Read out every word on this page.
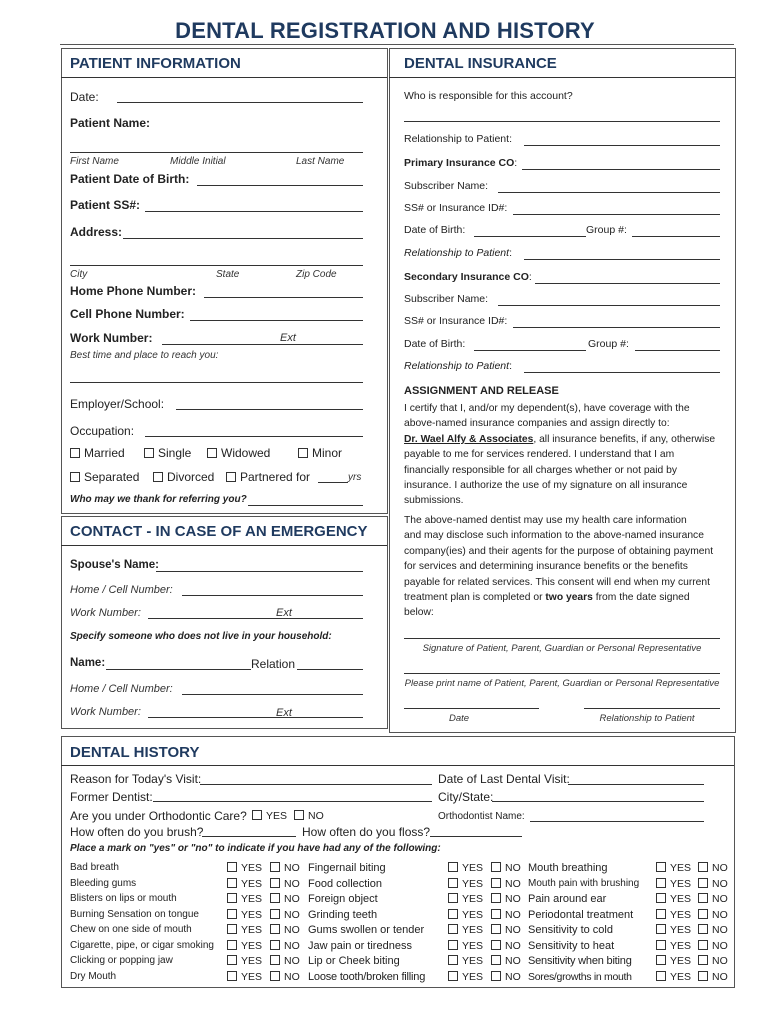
DENTAL REGISTRATION AND HISTORY
PATIENT INFORMATION
Date:
Patient Name:
First Name	Middle Initial	Last Name
Patient Date of Birth:
Patient SS#:
Address:
City	State	Zip Code
Home Phone Number:
Cell Phone Number:
Work Number:	Ext
Best time and place to reach you:
Employer/School:
Occupation:
Married	Single	Widowed	Minor
Separated	Divorced	Partnered for	yrs
Who may we thank for referring you?
CONTACT - IN CASE OF AN EMERGENCY
Spouse's Name:
Home / Cell Number:
Work Number:	Ext
Specify someone who does not live in your household:
Name:	Relation
Home / Cell Number:
Work Number:	Ext
DENTAL INSURANCE
Who is responsible for this account?
Relationship to Patient:
Primary Insurance CO:
Subscriber Name:
SS# or Insurance ID#:
Date of Birth:	Group #:
Relationship to Patient:
Secondary Insurance CO:
Subscriber Name:
SS# or Insurance ID#:
Date of Birth:	Group #:
Relationship to Patient:
ASSIGNMENT AND RELEASE
I certify that I, and/or my dependent(s), have coverage with the
above-named insurance companies and assign directly to:
Dr. Wael Alfy & Associates, all insurance benefits, if any, otherwise
payable to me for services rendered. I understand that I am
financially responsible for all charges whether or not paid by
insurance. I authorize the use of my signature on all insurance
submissions.
The above-named dentist may use my health care information
and may disclose such information to the above-named insurance
company(ies) and their agents for the purpose of obtaining payment
for services and determining insurance benefits or the benefits
payable for related services. This consent will end when my current
treatment plan is completed or two years from the date signed
below:
Signature of Patient, Parent, Guardian or Personal Representative
Please print name of Patient, Parent, Guardian or Personal Representative
Date	Relationship to Patient
DENTAL HISTORY
Reason for Today's Visit:	Date of Last Dental Visit:
Former Dentist:	City/State:
Are you under Orthodontic Care?	YES	NO	Orthodontist Name:
How often do you brush?	How often do you floss?
Place a mark on "yes" or "no" to indicate if you have had any of the following:
Bad breath	YES	NO
Bleeding gums	YES	NO
Blisters on lips or mouth	YES	NO
Burning Sensation on tongue	YES	NO
Chew on one side of mouth	YES	NO
Cigarette, pipe, or cigar smoking	YES	NO
Clicking or popping jaw	YES	NO
Dry Mouth	YES	NO
Fingernail biting	YES	NO
Food collection	YES	NO
Foreign object	YES	NO
Grinding teeth	YES	NO
Gums swollen or tender	YES	NO
Jaw pain or tiredness	YES	NO
Lip or Cheek biting	YES	NO
Loose tooth/broken filling	YES	NO
Mouth breathing	YES	NO
Mouth pain with brushing	YES	NO
Pain around ear	YES	NO
Periodontal treatment	YES	NO
Sensitivity to cold	YES	NO
Sensitivity to heat	YES	NO
Sensitivity when biting	YES	NO
Sores/growths in mouth	YES	NO
